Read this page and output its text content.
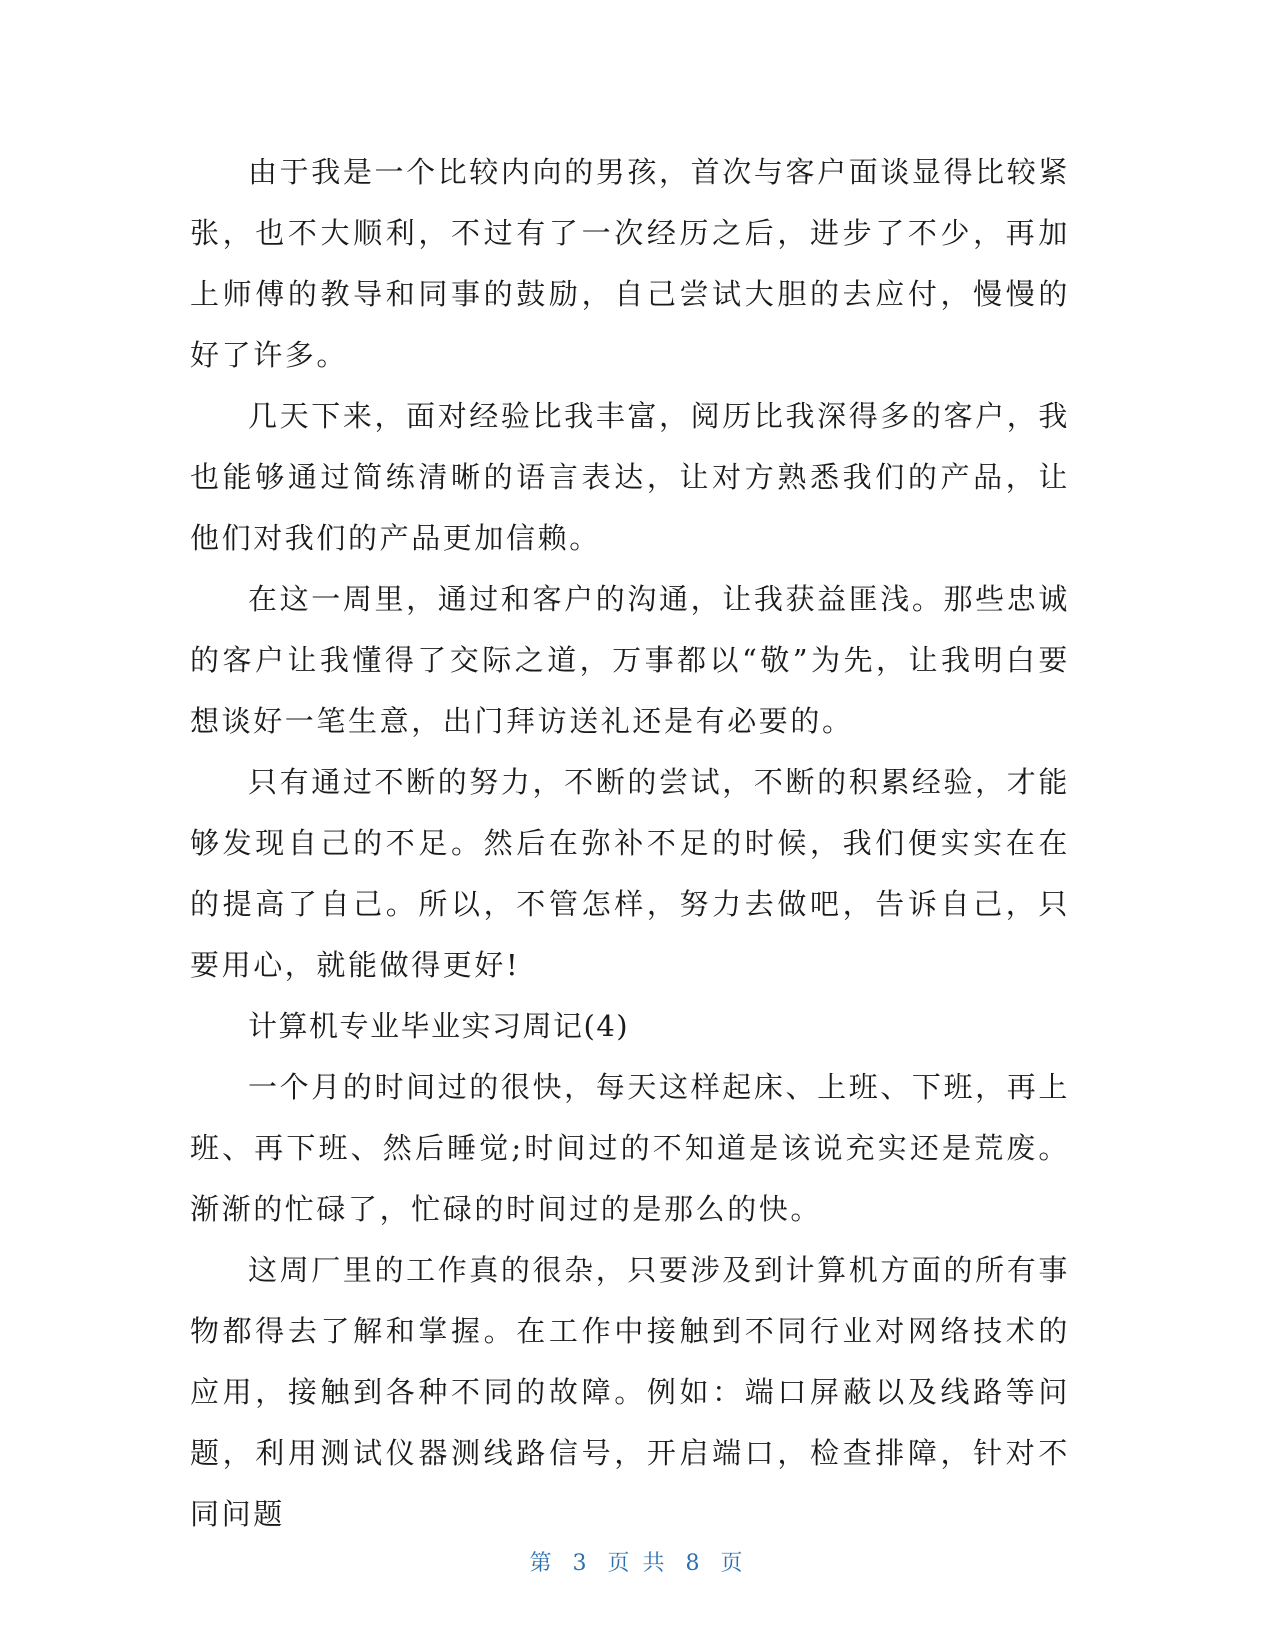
由于我是一个比较内向的男孩，首次与客户面谈显得比较紧张，也不大顺利，不过有了一次经历之后，进步了不少，再加上师傅的教导和同事的鼓励，自己尝试大胆的去应付，慢慢的好了许多。

几天下来，面对经验比我丰富，阅历比我深得多的客户，我也能够通过简练清晰的语言表达，让对方熟悉我们的产品，让他们对我们的产品更加信赖。

在这一周里，通过和客户的沟通，让我获益匪浅。那些忠诚的客户让我懂得了交际之道，万事都以“敬”为先，让我明白要想谈好一笔生意，出门拜访送礼还是有必要的。

只有通过不断的努力，不断的尝试，不断的积累经验，才能够发现自己的不足。然后在弥补不足的时候，我们便实实在在的提高了自己。所以，不管怎样，努力去做吧，告诉自己，只要用心，就能做得更好!

计算机专业毕业实习周记(4)

一个月的时间过的很快，每天这样起床、上班、下班，再上班、再下班、然后睡觉;时间过的不知道是该说充实还是荒废。渐渐的忙碌了，忙碌的时间过的是那么的快。

这周厂里的工作真的很杂，只要涉及到计算机方面的所有事物都得去了解和掌握。在工作中接触到不同行业对网络技术的应用，接触到各种不同的故障。例如：端口屏蔽以及线路等问题，利用测试仪器测线路信号，开启端口，检查排障，针对不同问题

第 3 页 共 8 页
